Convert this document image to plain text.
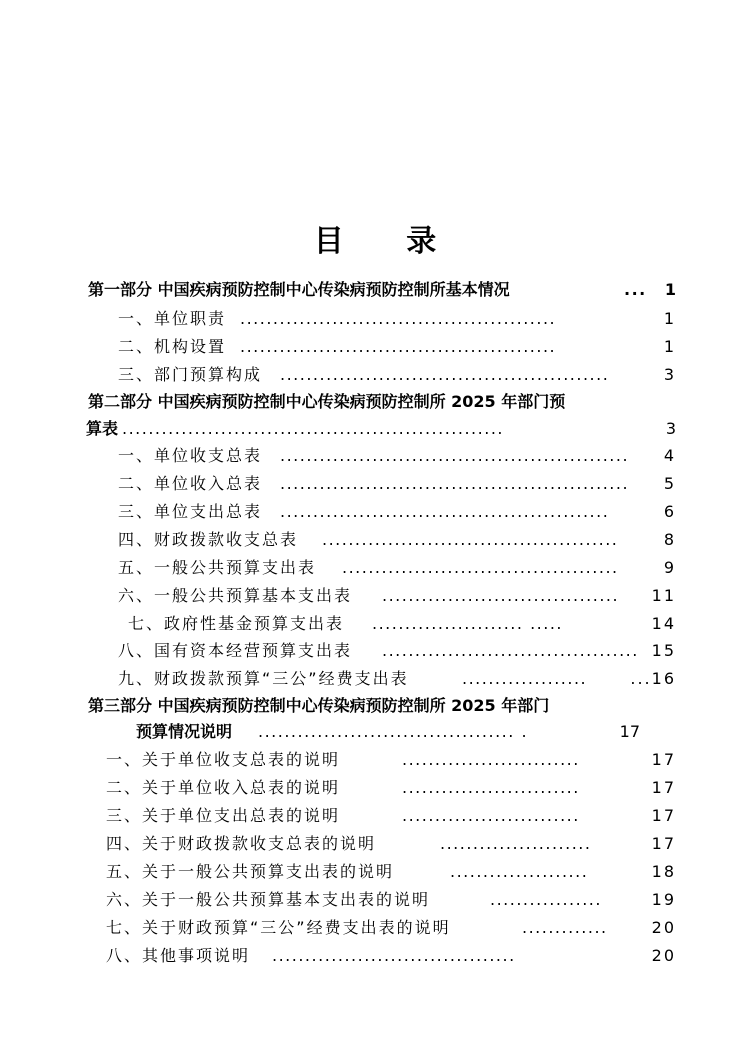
目 录
第一部分 中国疾病预防控制中心传染病预防控制所基本情况	...	1
一、单位职责 ................................................	1
二、机构设置 ................................................	1
三、部门预算构成	..................................................	3
第二部分 中国疾病预防控制中心传染病预防控制所 2025 年部门预
算表 ..........................................................	3
一、单位收支总表	.....................................................	4
二、单位收入总表	.....................................................	5
三、单位支出总表	..................................................	6
四、财政拨款收支总表	.............................................	8
五、一般公共预算支出表	..........................................	9
六、一般公共预算基本支出表	....................................	11
七、政府性基金预算支出表	....................... .....	14
八、国有资本经营预算支出表	....................................... 15
九、财政拨款预算“三公”经费支出表	...................	...16
第三部分 中国疾病预防控制中心传染病预防控制所 2025 年部门
预算情况说明	....................................... .	17
一、关于单位收支总表的说明	...........................	17
二、关于单位收入总表的说明	...........................	17
三、关于单位支出总表的说明	...........................	17
四、关于财政拨款收支总表的说明	.......................	17
五、关于一般公共预算支出表的说明	.....................	18
六、关于一般公共预算基本支出表的说明	.................	19
七、关于财政预算“三公”经费支出表的说明	.............	20
八、其他事项说明	.....................................	20
